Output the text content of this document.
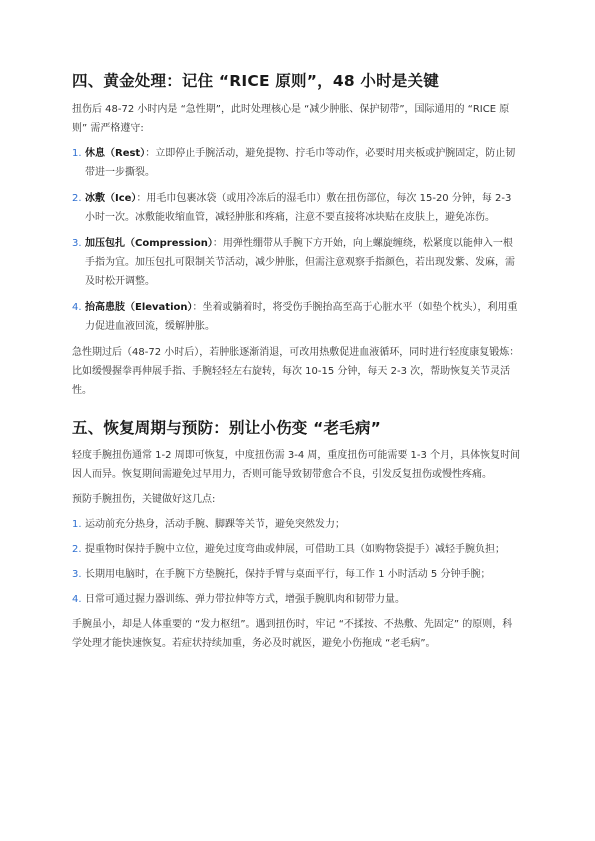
四、黄金处理：记住 “RICE 原则”，48 小时是关键

扭伤后 48-72 小时内是 “急性期”，此时处理核心是 “减少肿胀、保护韧带”，国际通用的 “RICE 原则” 需严格遵守:

1. 休息（Rest）：立即停止手腕活动，避免提物、拧毛巾等动作，必要时用夹板或护腕固定，防止韧带进一步撕裂。
2. 冰敷（Ice）：用毛巾包裹冰袋（或用冷冻后的湿毛巾）敷在扭伤部位，每次 15-20 分钟，每 2-3 小时一次。冰敷能收缩血管，减轻肿胀和疼痛，注意不要直接将冰块贴在皮肤上，避免冻伤。
3. 加压包扎（Compression）：用弹性绷带从手腕下方开始，向上螺旋缠绕，松紧度以能伸入一根手指为宜。加压包扎可限制关节活动，减少肿胀，但需注意观察手指颜色，若出现发紫、发麻，需及时松开调整。
4. 抬高患肢（Elevation）：坐着或躺着时，将受伤手腕抬高至高于心脏水平（如垫个枕头），利用重力促进血液回流，缓解肿胀。

急性期过后（48-72 小时后），若肿胀逐渐消退，可改用热敷促进血液循环，同时进行轻度康复锻炼：比如缓慢握拳再伸展手指、手腕轻轻左右旋转，每次 10-15 分钟，每天 2-3 次，帮助恢复关节灵活性。

五、恢复周期与预防：别让小伤变 “老毛病”

轻度手腕扭伤通常 1-2 周即可恢复，中度扭伤需 3-4 周，重度扭伤可能需要 1-3 个月，具体恢复时间因人而异。恢复期间需避免过早用力，否则可能导致韧带愈合不良，引发反复扭伤或慢性疼痛。

预防手腕扭伤，关键做好这几点:

1. 运动前充分热身，活动手腕、脚踝等关节，避免突然发力；
2. 提重物时保持手腕中立位，避免过度弯曲或伸展，可借助工具（如购物袋提手）减轻手腕负担；
3. 长期用电脑时，在手腕下方垫腕托，保持手臂与桌面平行，每工作 1 小时活动 5 分钟手腕；
4. 日常可通过握力器训练、弹力带拉伸等方式，增强手腕肌肉和韧带力量。

手腕虽小，却是人体重要的 “发力枢纽”。遇到扭伤时，牢记 “不揉按、不热敷、先固定” 的原则，科学处理才能快速恢复。若症状持续加重，务必及时就医，避免小伤拖成 “老毛病”。
